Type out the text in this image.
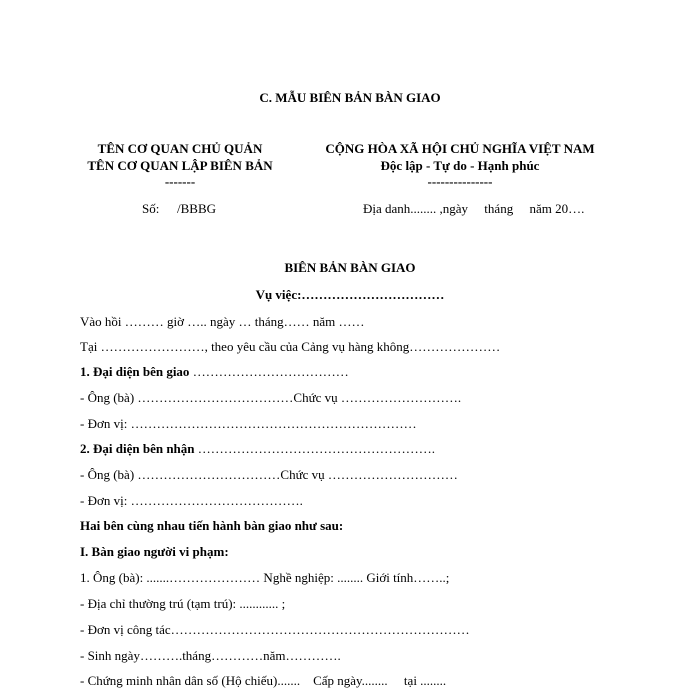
C. MẪU BIÊN BẢN BÀN GIAO
TÊN CƠ QUAN CHỦ QUẢN
TÊN CƠ QUAN LẬP BIÊN BẢN
-------
Số: /BBBG
CỘNG HÒA XÃ HỘI CHỦ NGHĨA VIỆT NAM
Độc lập - Tự do - Hạnh phúc
---------------
Địa danh........ ,ngày     tháng     năm 20….
BIÊN BẢN BÀN GIAO
Vụ việc:……………………………
Vào hồi ……… giờ ….. ngày … tháng…… năm ……
Tại ……………………, theo yêu cầu của Cảng vụ hàng không…………………
1. Đại diện bên giao ………………………………
- Ông (bà) ………………………………Chức vụ ……………………….
- Đơn vị: …………………………………………………………
2. Đại diện bên nhận ……………………………………………….
- Ông (bà) ……………………………Chức vụ …………………………
- Đơn vị: ………………………………….
Hai bên cùng nhau tiến hành bàn giao như sau:
I. Bàn giao người vi phạm:
1. Ông (bà): .......………………… Nghề nghiệp: ........ Giới tính……..;
- Địa chỉ thường trú (tạm trú): ............ ;
- Đơn vị công tác……………………………………………………………
- Sinh ngày……….tháng…………năm………….
- Chứng minh nhân dân số (Hộ chiếu).......    Cấp ngày........     tại ........
